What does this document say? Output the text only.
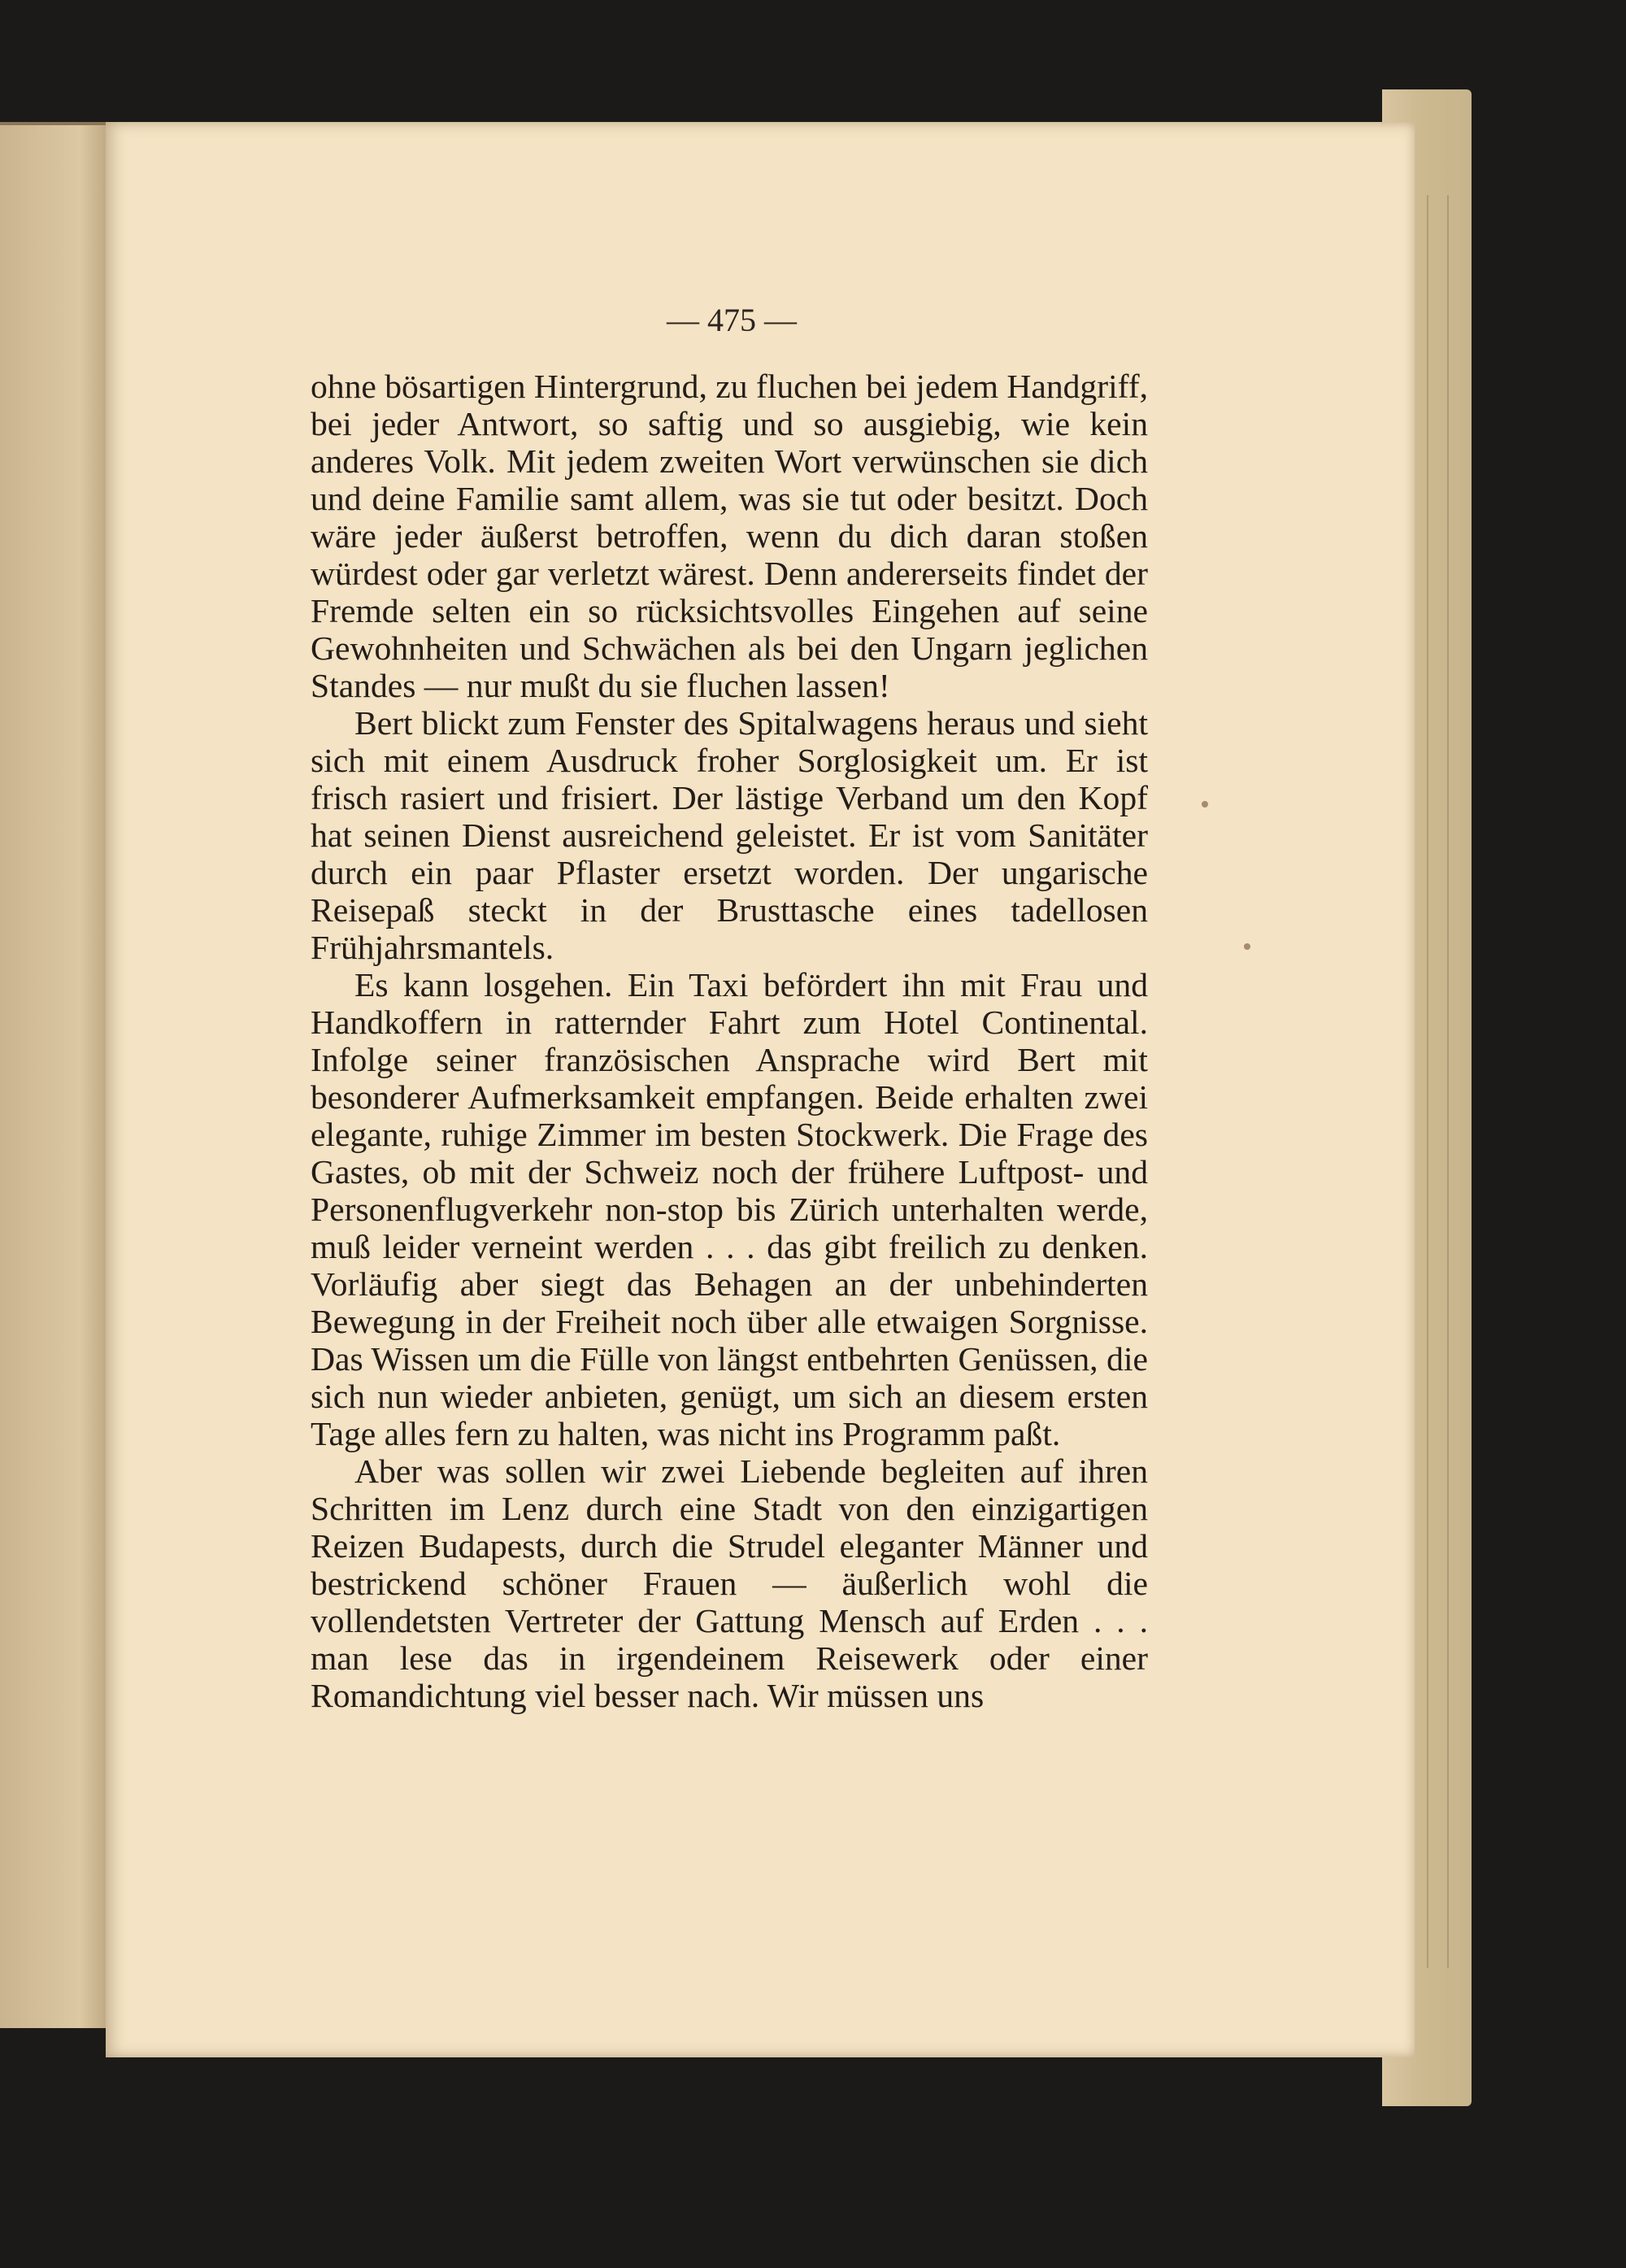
— 475 —

ohne bösartigen Hintergrund, zu fluchen bei jedem Handgriff, bei jeder Antwort, so saftig und so ausgiebig, wie kein anderes Volk. Mit jedem zweiten Wort verwünschen sie dich und deine Familie samt allem, was sie tut oder besitzt. Doch wäre jeder äußerst betroffen, wenn du dich daran stoßen würdest oder gar verletzt wärest. Denn andererseits findet der Fremde selten ein so rücksichtsvolles Eingehen auf seine Gewohnheiten und Schwächen als bei den Ungarn jeglichen Standes — nur mußt du sie fluchen lassen!

Bert blickt zum Fenster des Spitalwagens heraus und sieht sich mit einem Ausdruck froher Sorglosigkeit um. Er ist frisch rasiert und frisiert. Der lästige Verband um den Kopf hat seinen Dienst ausreichend geleistet. Er ist vom Sanitäter durch ein paar Pflaster ersetzt worden. Der ungarische Reisepaß steckt in der Brusttasche eines tadellosen Frühjahrsmantels.

Es kann losgehen. Ein Taxi befördert ihn mit Frau und Handkoffern in ratternder Fahrt zum Hotel Continental. Infolge seiner französischen Ansprache wird Bert mit besonderer Aufmerksamkeit empfangen. Beide erhalten zwei elegante, ruhige Zimmer im besten Stockwerk. Die Frage des Gastes, ob mit der Schweiz noch der frühere Luftpost- und Personenflugverkehr non-stop bis Zürich unterhalten werde, muß leider verneint werden . . . das gibt freilich zu denken. Vorläufig aber siegt das Behagen an der unbehinderten Bewegung in der Freiheit noch über alle etwaigen Sorgnisse. Das Wissen um die Fülle von längst entbehrten Genüssen, die sich nun wieder anbieten, genügt, um sich an diesem ersten Tage alles fern zu halten, was nicht ins Programm paßt.

Aber was sollen wir zwei Liebende begleiten auf ihren Schritten im Lenz durch eine Stadt von den einzigartigen Reizen Budapests, durch die Strudel eleganter Männer und bestrickend schöner Frauen — äußerlich wohl die vollendetsten Vertreter der Gattung Mensch auf Erden . . . man lese das in irgendeinem Reisewerk oder einer Romandichtung viel besser nach. Wir müssen uns
